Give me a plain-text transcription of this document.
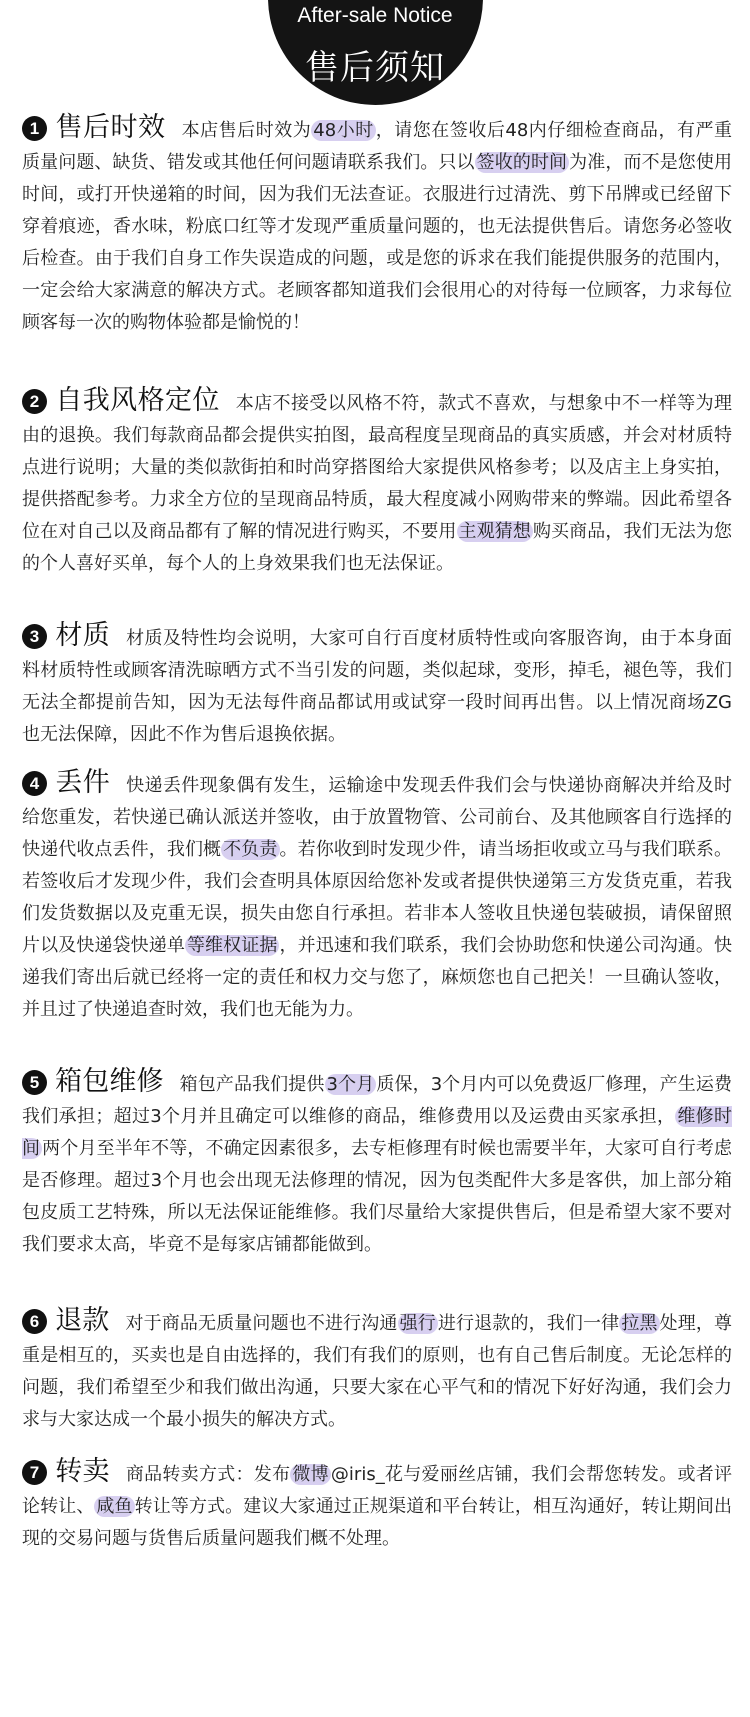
After-sale Notice
售后须知
1 售后时效 本店售后时效为 48小时 ，请您在签收后48内仔细检查商品，有严重质量问题、缺货、错发或其他任何问题请联系我们。只以 签收的时间 为准，而不是您使用时间，或打开快递箱的时间，因为我们无法查证。衣服进行过清洗、剪下吊牌或已经留下穿着痕迹，香水味，粉底口红等才发现严重质量问题的，也无法提供售后。请您务必签收后检查。由于我们自身工作失误造成的问题，或是您的诉求在我们能提供服务的范围内，一定会给大家满意的解决方式。老顾客都知道我们会很用心的对待每一位顾客，力求每位顾客每一次的购物体验都是愉悦的！
2 自我风格定位 本店不接受以风格不符，款式不喜欢，与想象中不一样等为理由的退换。我们每款商品都会提供实拍图，最高程度呈现商品的真实质感，并会对材质特点进行说明；大量的类似款街拍和时尚穿搭图给大家提供风格参考；以及店主上身实拍，提供搭配参考。力求全方位的呈现商品特质，最大程度减小网购带来的弊端。因此希望各位在对自己以及商品都有了解的情况进行购买，不要用 主观猜想 购买商品，我们无法为您的个人喜好买单，每个人的上身效果我们也无法保证。
3 材质 材质及特性均会说明，大家可自行百度材质特性或向客服咨询，由于本身面料材质特性或顾客清洗晾晒方式不当引发的问题，类似起球，变形，掉毛，褪色等，我们无法全都提前告知，因为无法每件商品都试用或试穿一段时间再出售。以上情况商场ZG也无法保障，因此不作为售后退换依据。
4 丢件 快递丢件现象偶有发生，运输途中发现丢件我们会与快递协商解决并给及时给您重发，若快递已确认派送并签收，由于放置物管、公司前台、及其他顾客自行选择的快递代收点丢件，我们概 不负责 。若你收到时发现少件，请当场拒收或立马与我们联系。若签收后才发现少件，我们会查明具体原因给您补发或者提供快递第三方发货克重，若我们发货数据以及克重无误，损失由您自行承担。若非本人签收且快递包装破损，请保留照片以及快递袋快递单 等维权证据 ，并迅速和我们联系，我们会协助您和快递公司沟通。快递我们寄出后就已经将一定的责任和权力交与您了，麻烦您也自己把关！一旦确认签收，并且过了快递追查时效，我们也无能为力。
5 箱包维修 箱包产品我们提供 3个月 质保，3个月内可以免费返厂修理，产生运费我们承担；超过3个月并且确定可以维修的商品，维修费用以及运费由买家承担， 维修时间 两个月至半年不等，不确定因素很多，去专柜修理有时候也需要半年，大家可自行考虑是否修理。超过3个月也会出现无法修理的情况，因为包类配件大多是客供，加上部分箱包皮质工艺特殊，所以无法保证能维修。我们尽量给大家提供售后，但是希望大家不要对我们要求太高，毕竟不是每家店铺都能做到。
6 退款 对于商品无质量问题也不进行沟通 强行 进行退款的，我们一律 拉黑 处理，尊重是相互的，买卖也是自由选择的，我们有我们的原则，也有自己售后制度。无论怎样的问题，我们希望至少和我们做出沟通，只要大家在心平气和的情况下好好沟通，我们会力求与大家达成一个最小损失的解决方式。
7 转卖 商品转卖方式：发布 微博 @iris_花与爱丽丝店铺，我们会帮您转发。或者评论转让、 咸鱼 转让等方式。建议大家通过正规渠道和平台转让，相互沟通好，转让期间出现的交易问题与货售后质量问题我们概不处理。
